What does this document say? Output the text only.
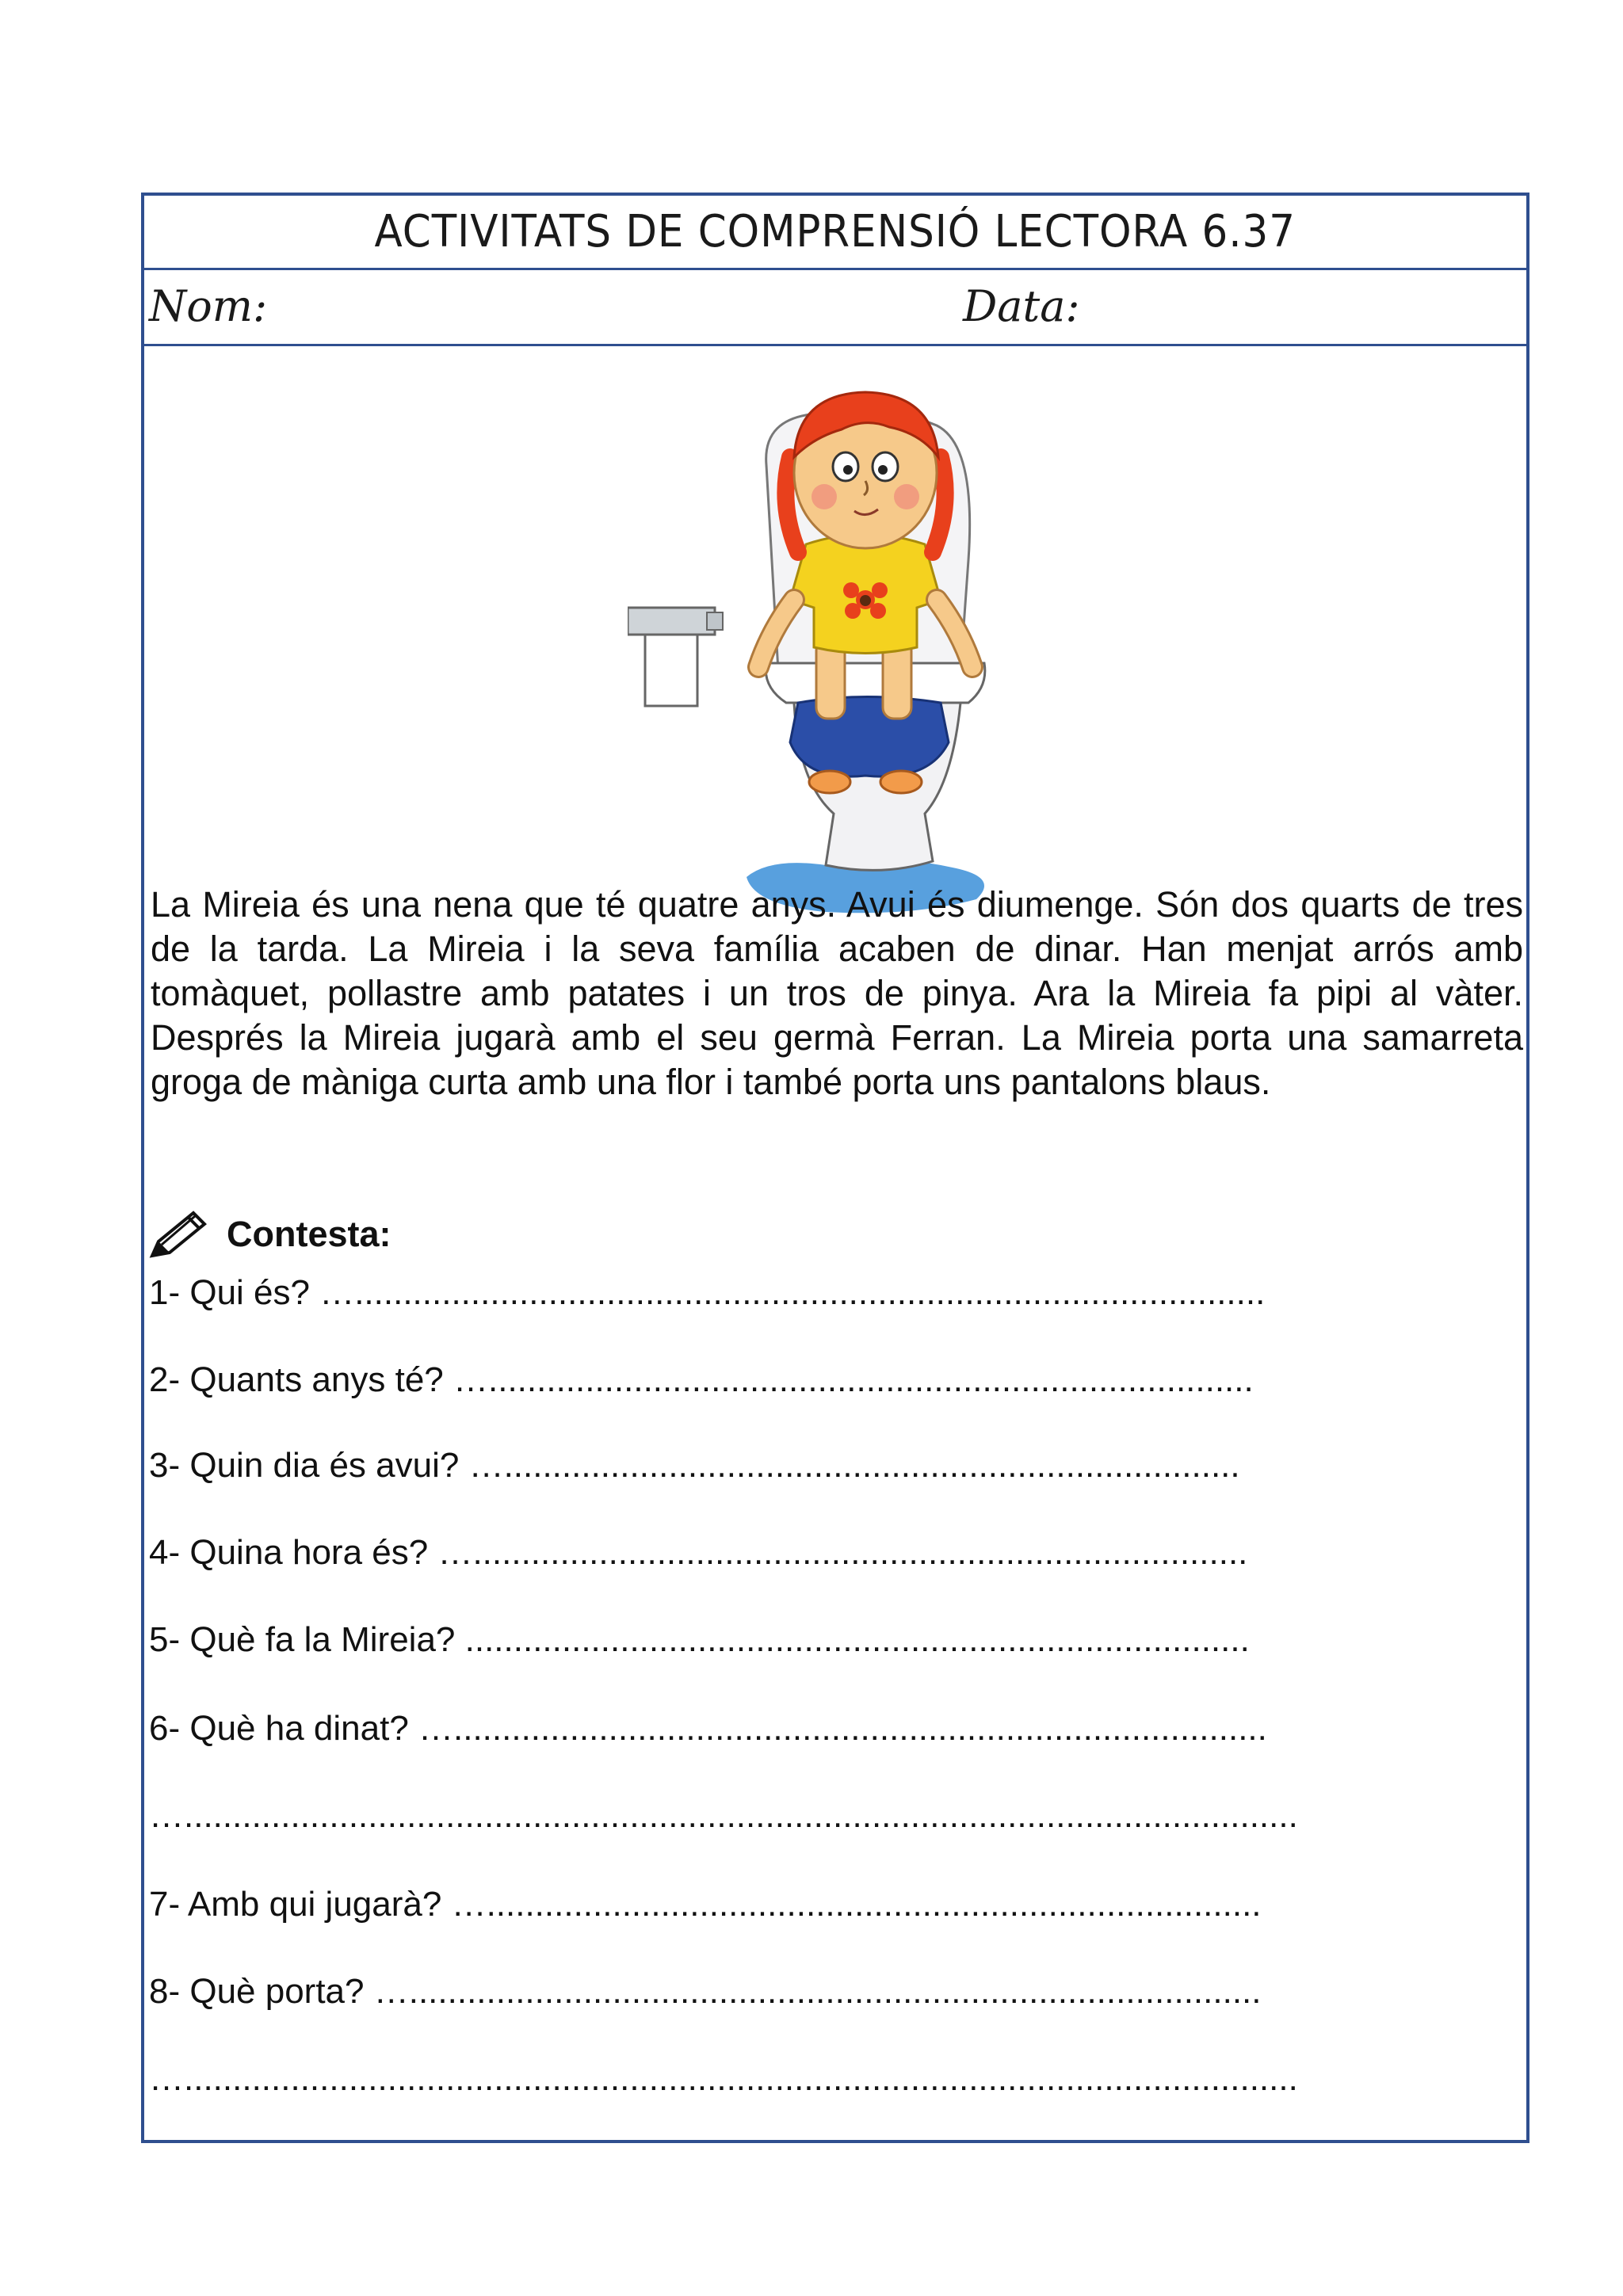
ACTIVITATS DE COMPRENSIÓ LECTORA 6.37
Nom:	Data:

La Mireia és una nena que té quatre anys. Avui és diumenge. Són dos quarts de tres de la tarda. La Mireia i la seva família acaben de dinar. Han menjat arrós amb tomàquet, pollastre amb patates i un tros de pinya. Ara la Mireia fa pipi al vàter. Després la Mireia jugarà amb el seu germà Ferran. La Mireia porta una samarreta groga de màniga curta amb una flor i també porta uns pantalons blaus.

Contesta:
1- Qui és? …..............................................................................................
2- Quants anys té? …...............................................................................
3- Quin dia és avui? …............................................................................
4- Quina hora és? …................................................................................
5- Què fa la Mireia? .................................................................................
6- Què ha dinat? …....................................................................................
…...................................................................................................................
7- Amb qui jugarà? …................................................................................
8- Què porta? …........................................................................................
…...................................................................................................................
